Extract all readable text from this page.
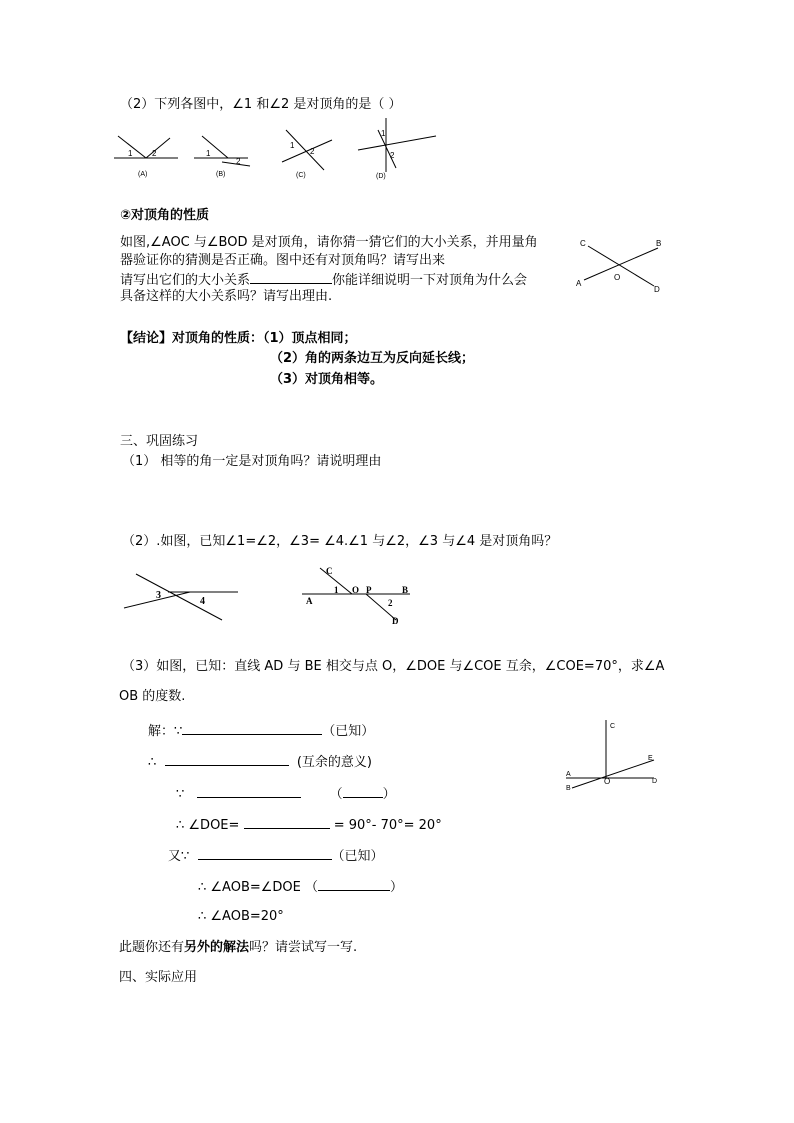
（2）下列各图中，∠1 和∠2 是对顶角的是（ ）
1 2
(A)
1
2
(B)
1
2
(C)
1
2
(D)
②对顶角的性质
如图,∠AOC 与∠BOD 是对顶角，请你猜一猜它们的大小关系，并用量角
器验证你的猜测是否正确。图中还有对顶角吗？请写出来
请写出它们的大小关系	你能详细说明一下对顶角为什么会
具备这样的大小关系吗？请写出理由.
C	B
A
D
O
【结论】对顶角的性质：（1）顶点相同；
（2）角的两条边互为反向延长线；
（3）对顶角相等。
三、巩固练习
（1） 相等的角一定是对顶角吗？请说明理由
（2）.如图，已知∠1=∠2，∠3= ∠4.∠1 与∠2，∠3 与∠4 是对顶角吗？
3
4
C
1 O P	B
A	2
D
（3）如图，已知：直线 AD 与 BE 相交与点 O，∠DOE 与∠COE 互余，∠COE=70°，求∠A
OB 的度数.
C
E
A
O	D
B
解：∵	（已知）
∴	(互余的意义)
∵	（	）
∴ ∠DOE=	= 90°- 70°= 20°
又∵	（已知）
∴ ∠AOB=∠DOE （	）
∴ ∠AOB=20°
此题你还有另外的解法吗？请尝试写一写.
四、实际应用
